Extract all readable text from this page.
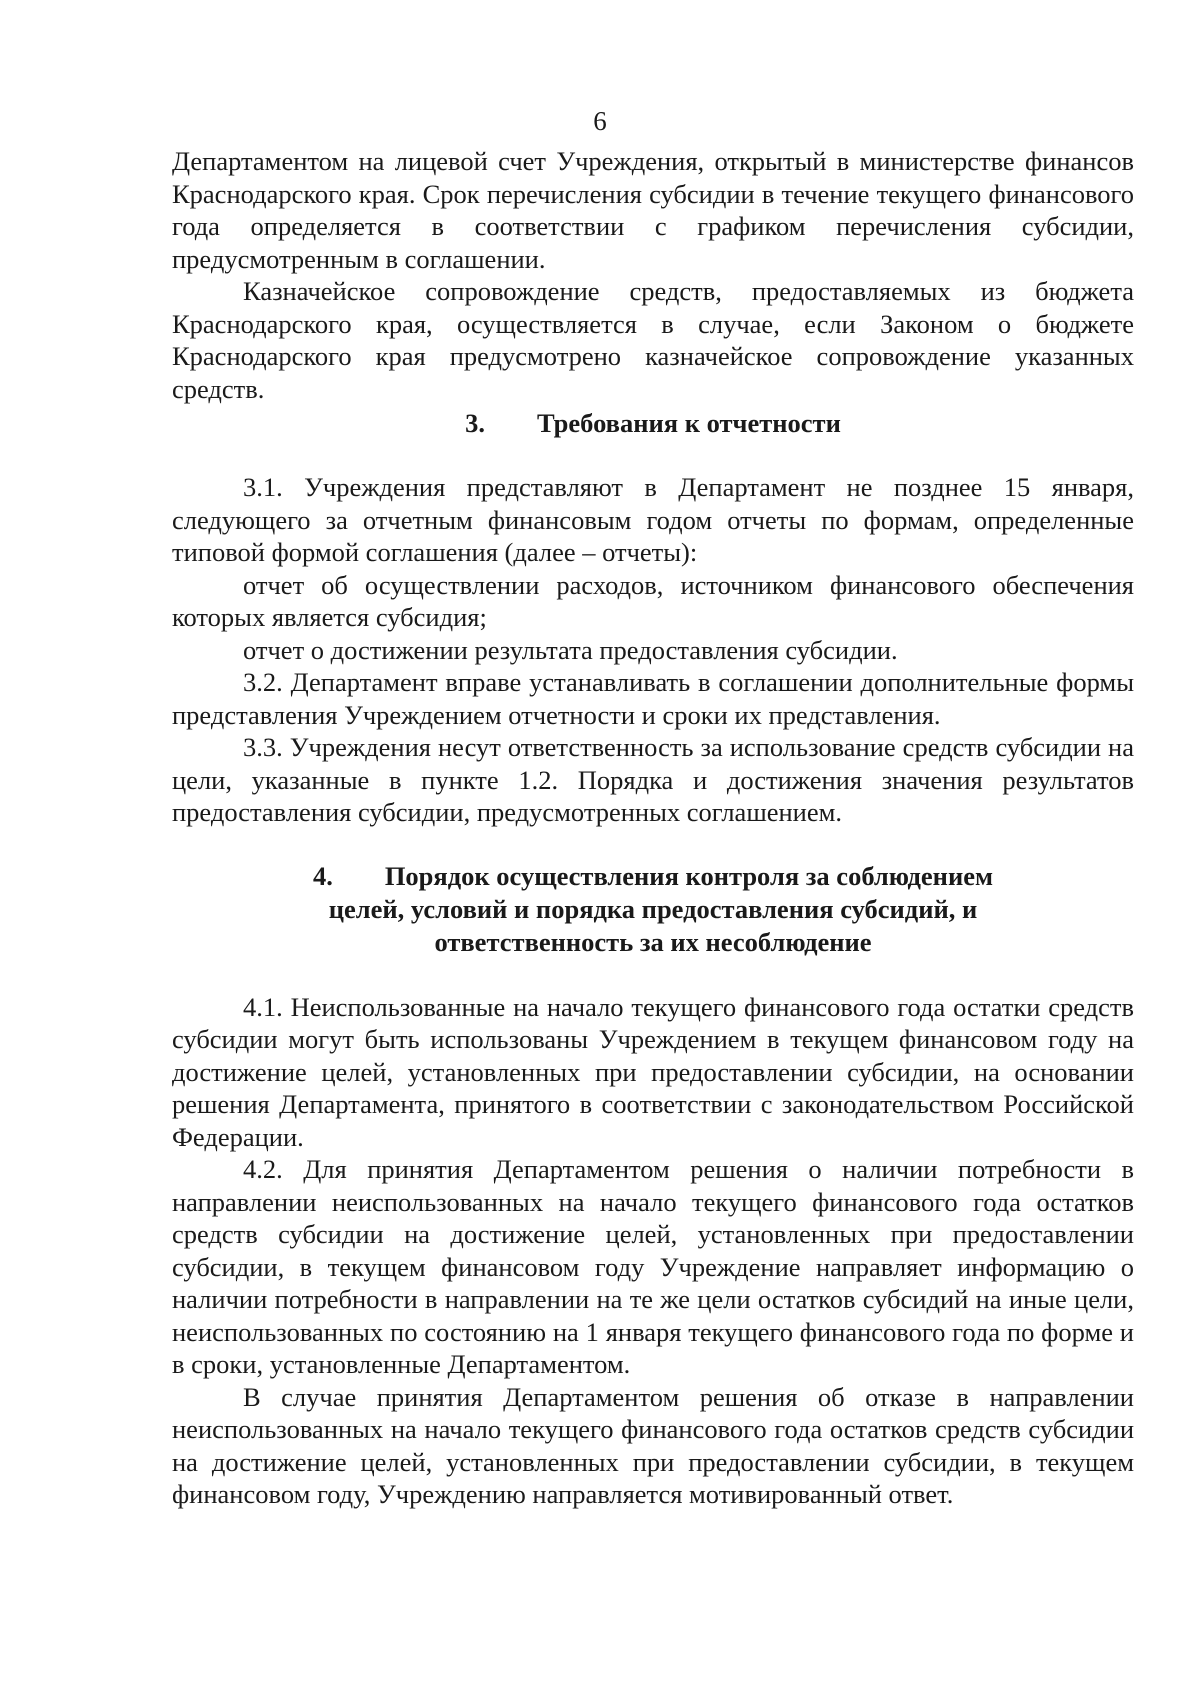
6

Департаментом на лицевой счет Учреждения, открытый в министерстве финансов Краснодарского края. Срок перечисления субсидии в течение текущего финансового года определяется в соответствии с графиком перечисления субсидии, предусмотренным в соглашении.

Казначейское сопровождение средств, предоставляемых из бюджета Краснодарского края, осуществляется в случае, если Законом о бюджете Краснодарского края предусмотрено казначейское сопровождение указанных средств.

3. Требования к отчетности

3.1. Учреждения представляют в Департамент не позднее 15 января, следующего за отчетным финансовым годом отчеты по формам, определенные типовой формой соглашения (далее – отчеты):

отчет об осуществлении расходов, источником финансового обеспечения которых является субсидия;

отчет о достижении результата предоставления субсидии.

3.2. Департамент вправе устанавливать в соглашении дополнительные формы представления Учреждением отчетности и сроки их представления.

3.3. Учреждения несут ответственность за использование средств субсидии на цели, указанные в пункте 1.2. Порядка и достижения значения результатов предоставления субсидии, предусмотренных соглашением.

4. Порядок осуществления контроля за соблюдением
целей, условий и порядка предоставления субсидий, и
ответственность за их несоблюдение

4.1. Неиспользованные на начало текущего финансового года остатки средств субсидии могут быть использованы Учреждением в текущем финансовом году на достижение целей, установленных при предоставлении субсидии, на основании решения Департамента, принятого в соответствии с законодательством Российской Федерации.

4.2. Для принятия Департаментом решения о наличии потребности в направлении неиспользованных на начало текущего финансового года остатков средств субсидии на достижение целей, установленных при предоставлении субсидии, в текущем финансовом году Учреждение направляет информацию о наличии потребности в направлении на те же цели остатков субсидий на иные цели, неиспользованных по состоянию на 1 января текущего финансового года по форме и в сроки, установленные Департаментом.

В случае принятия Департаментом решения об отказе в направлении неиспользованных на начало текущего финансового года остатков средств субсидии на достижение целей, установленных при предоставлении субсидии, в текущем финансовом году, Учреждению направляется мотивированный ответ.
